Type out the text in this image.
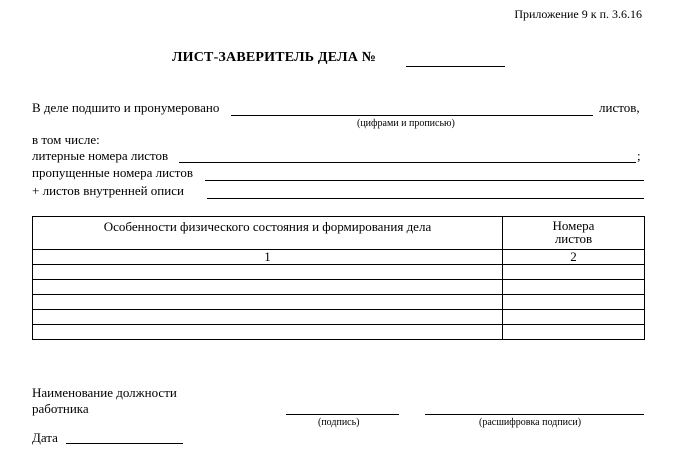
Приложение 9 к п. 3.6.16
ЛИСТ-ЗАВЕРИТЕЛЬ ДЕЛА №
В деле подшито и пронумеровано	листов,
(цифрами и прописью)
в том числе:
литерные номера листов	;
пропущенные номера листов
+ листов внутренней описи
Особенности физического состояния и формирования дела	Номера
листов

1	2

Наименование должности
работника
(подпись)	(расшифровка подписи)
Дата
